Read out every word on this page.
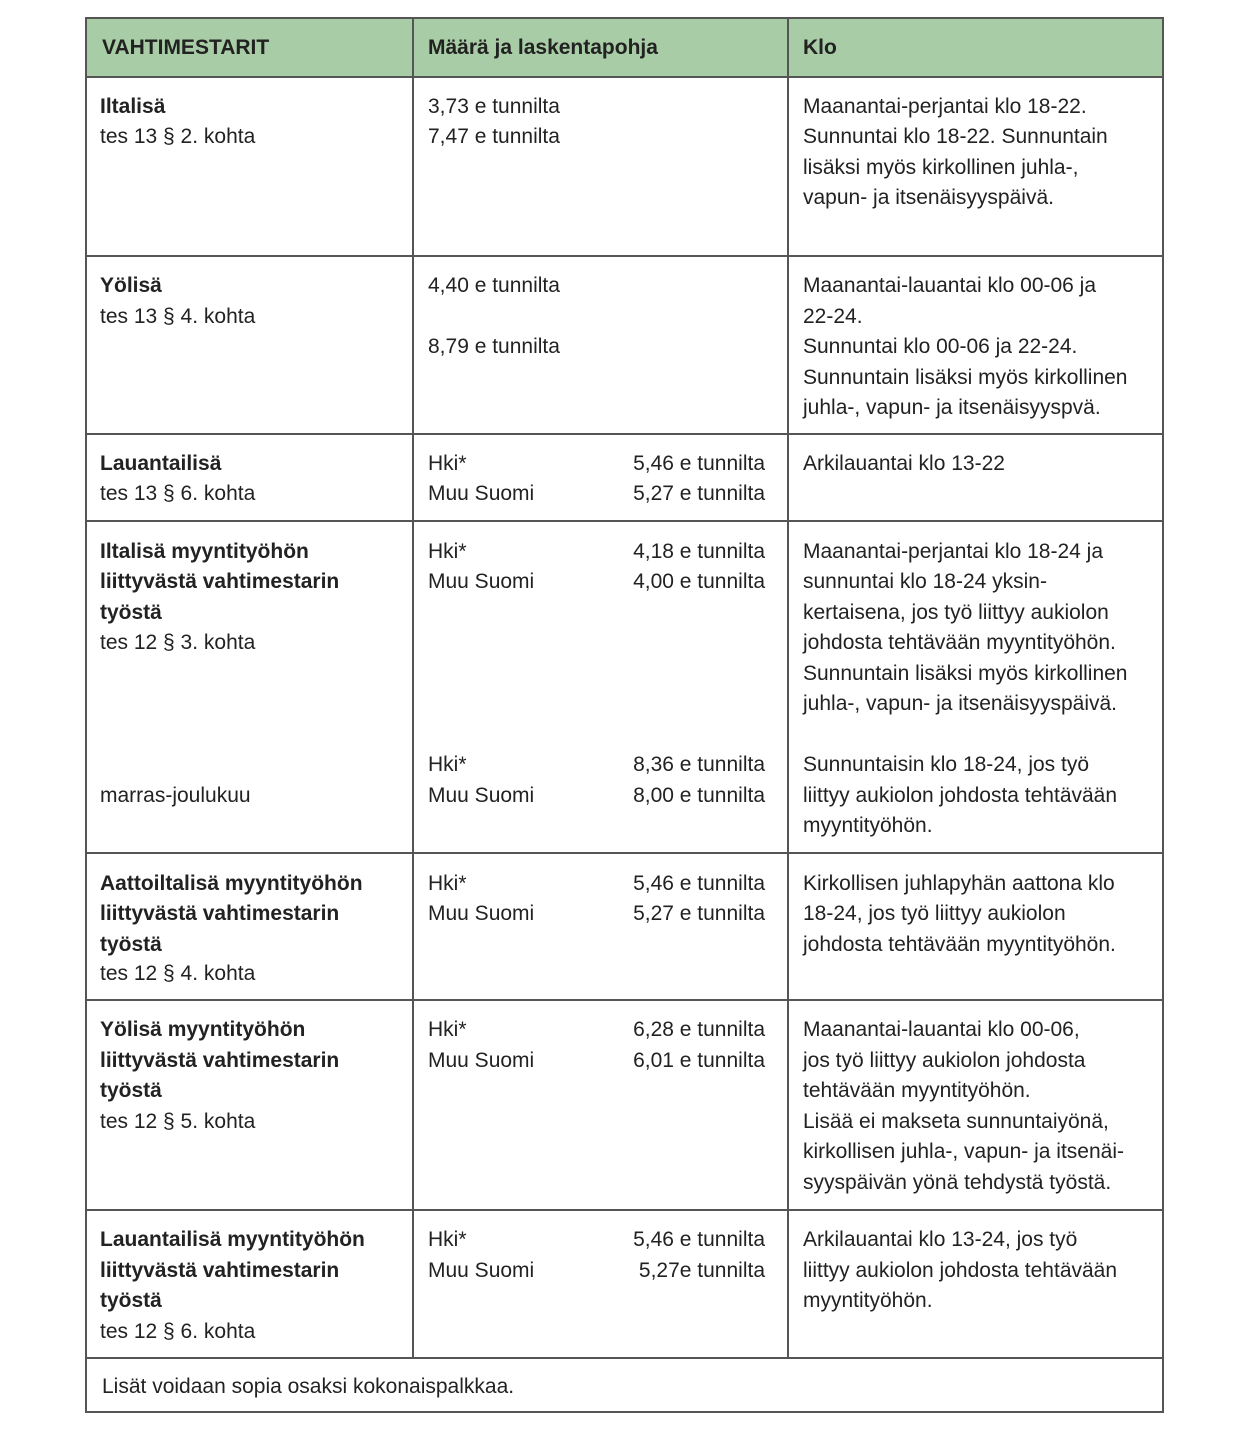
VAHTIMESTARIT	Määrä ja laskentapohja	Klo
Iltalisä
tes 13 § 2. kohta
3,73 e tunnilta
7,47 e tunnilta
Maanantai-perjantai klo 18-22.
Sunnuntai klo 18-22. Sunnuntain
lisäksi myös kirkollinen juhla-,
vapun- ja itsenäisyyspäivä.
Yölisä
tes 13 § 4. kohta
4,40 e tunnilta
8,79 e tunnilta
Maanantai-lauantai klo 00-06 ja
22-24.
Sunnuntai klo 00-06 ja 22-24.
Sunnuntain lisäksi myös kirkollinen
juhla-, vapun- ja itsenäisyyspvä.
Lauantailisä
tes 13 § 6. kohta
Hki*
Muu Suomi
5,46 e tunnilta
5,27 e tunnilta
Arkilauantai klo 13-22
Iltalisä myyntityöhön
liittyvästä vahtimestarin
työstä
tes 12 § 3. kohta
marras-joulukuu
Hki*
Muu Suomi
4,18 e tunnilta
4,00 e tunnilta
Hki*
Muu Suomi
8,36 e tunnilta
8,00 e tunnilta
Maanantai-perjantai klo 18-24 ja
sunnuntai klo 18-24 yksin-
kertaisena, jos työ liittyy aukiolon
johdosta tehtävään myyntityöhön.
Sunnuntain lisäksi myös kirkollinen
juhla-, vapun- ja itsenäisyyspäivä.
Sunnuntaisin klo 18-24, jos työ
liittyy aukiolon johdosta tehtävään
myyntityöhön.
Aattoiltalisä myyntityöhön
liittyvästä vahtimestarin
työstä
tes 12 § 4. kohta
Hki*
Muu Suomi
5,46 e tunnilta
5,27 e tunnilta
Kirkollisen juhlapyhän aattona klo
18-24, jos työ liittyy aukiolon
johdosta tehtävään myyntityöhön.
Yölisä myyntityöhön
liittyvästä vahtimestarin
työstä
tes 12 § 5. kohta
Hki*
Muu Suomi
6,28 e tunnilta
6,01 e tunnilta
Maanantai-lauantai klo 00-06,
jos työ liittyy aukiolon johdosta
tehtävään myyntityöhön.
Lisää ei makseta sunnuntaiyönä,
kirkollisen juhla-, vapun- ja itsenäi-
syyspäivän yönä tehdystä työstä.
Lauantailisä myyntityöhön
liittyvästä vahtimestarin
työstä
tes 12 § 6. kohta
Hki*
Muu Suomi
5,46 e tunnilta
5,27e tunnilta
Arkilauantai klo 13-24, jos työ
liittyy aukiolon johdosta tehtävään
myyntityöhön.
Lisät voidaan sopia osaksi kokonaispalkkaa.
